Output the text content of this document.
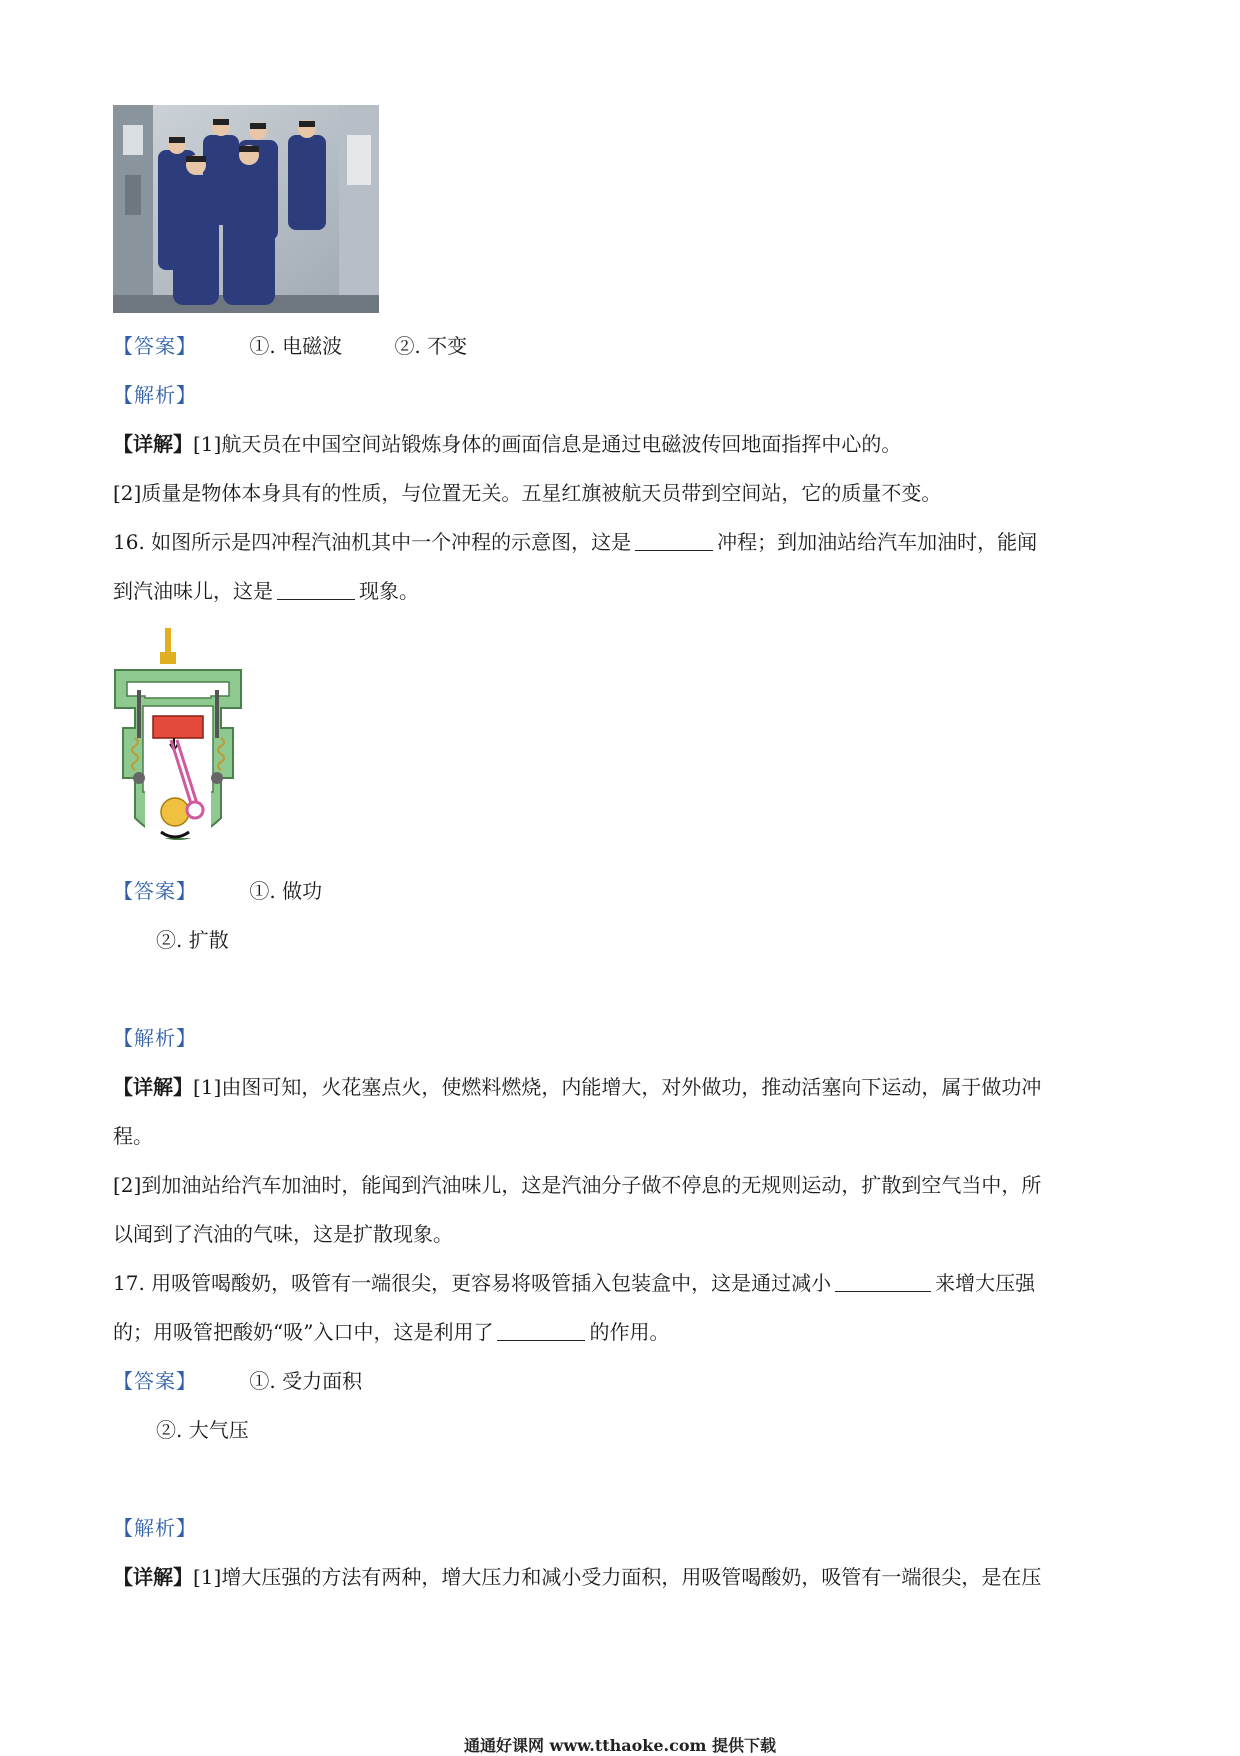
【答案】	①. 电磁波	②. 不变
【解析】
【详解】[1]航天员在中国空间站锻炼身体的画面信息是通过电磁波传回地面指挥中心的。
[2]质量是物体本身具有的性质，与位置无关。五星红旗被航天员带到空间站，它的质量不变。
16. 如图所示是四冲程汽油机其中一个冲程的示意图，这是	冲程；到加油站给汽车加油时，能闻
到汽油味儿，这是	现象。
【答案】	①. 做功
②. 扩散
【解析】
【详解】[1]由图可知，火花塞点火，使燃料燃烧，内能增大，对外做功，推动活塞向下运动，属于做功冲
程。
[2]到加油站给汽车加油时，能闻到汽油味儿，这是汽油分子做不停息的无规则运动，扩散到空气当中，所
以闻到了汽油的气味，这是扩散现象。
17. 用吸管喝酸奶，吸管有一端很尖，更容易将吸管插入包装盒中，这是通过减小	来增大压强
的；用吸管把酸奶“吸”入口中，这是利用了	的作用。
【答案】	①. 受力面积
②. 大气压
【解析】
【详解】[1]增大压强的方法有两种，增大压力和减小受力面积，用吸管喝酸奶，吸管有一端很尖，是在压
通通好课网 www.tthaoke.com 提供下载
